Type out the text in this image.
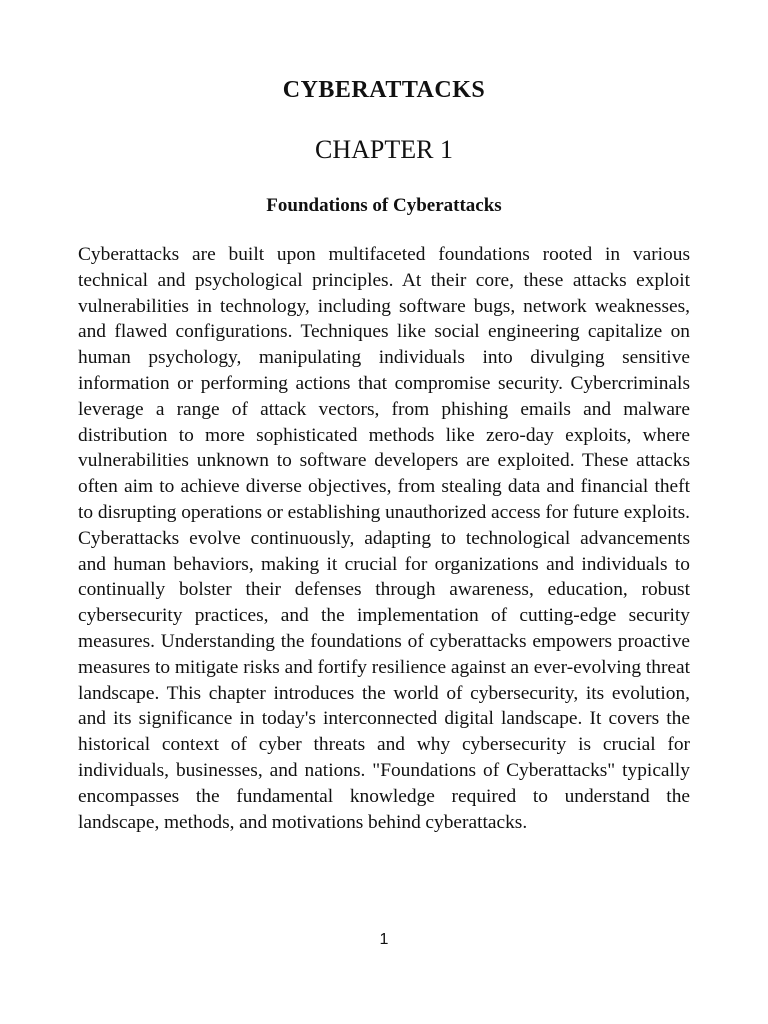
CYBERATTACKS
CHAPTER 1
Foundations of Cyberattacks

Cyberattacks are built upon multifaceted foundations rooted in various technical and psychological principles. At their core, these attacks exploit vulnerabilities in technology, including software bugs, network weaknesses, and flawed configurations. Techniques like social engineering capitalize on human psychology, manipulating individuals into divulging sensitive information or performing actions that compromise security. Cybercriminals leverage a range of attack vectors, from phishing emails and malware distribution to more sophisticated methods like zero-day exploits, where vulnerabilities unknown to software developers are exploited. These attacks often aim to achieve diverse objectives, from stealing data and financial theft to disrupting operations or establishing unauthorized access for future exploits. Cyberattacks evolve continuously, adapting to technological advancements and human behaviors, making it crucial for organizations and individuals to continually bolster their defenses through awareness, education, robust cybersecurity practices, and the implementation of cutting-edge security measures. Understanding the foundations of cyberattacks empowers proactive measures to mitigate risks and fortify resilience against an ever-evolving threat landscape. This chapter introduces the world of cybersecurity, its evolution, and its significance in today's interconnected digital landscape. It covers the historical context of cyber threats and why cybersecurity is crucial for individuals, businesses, and nations. "Foundations of Cyberattacks" typically encompasses the fundamental knowledge required to understand the landscape, methods, and motivations behind cyberattacks.

1
